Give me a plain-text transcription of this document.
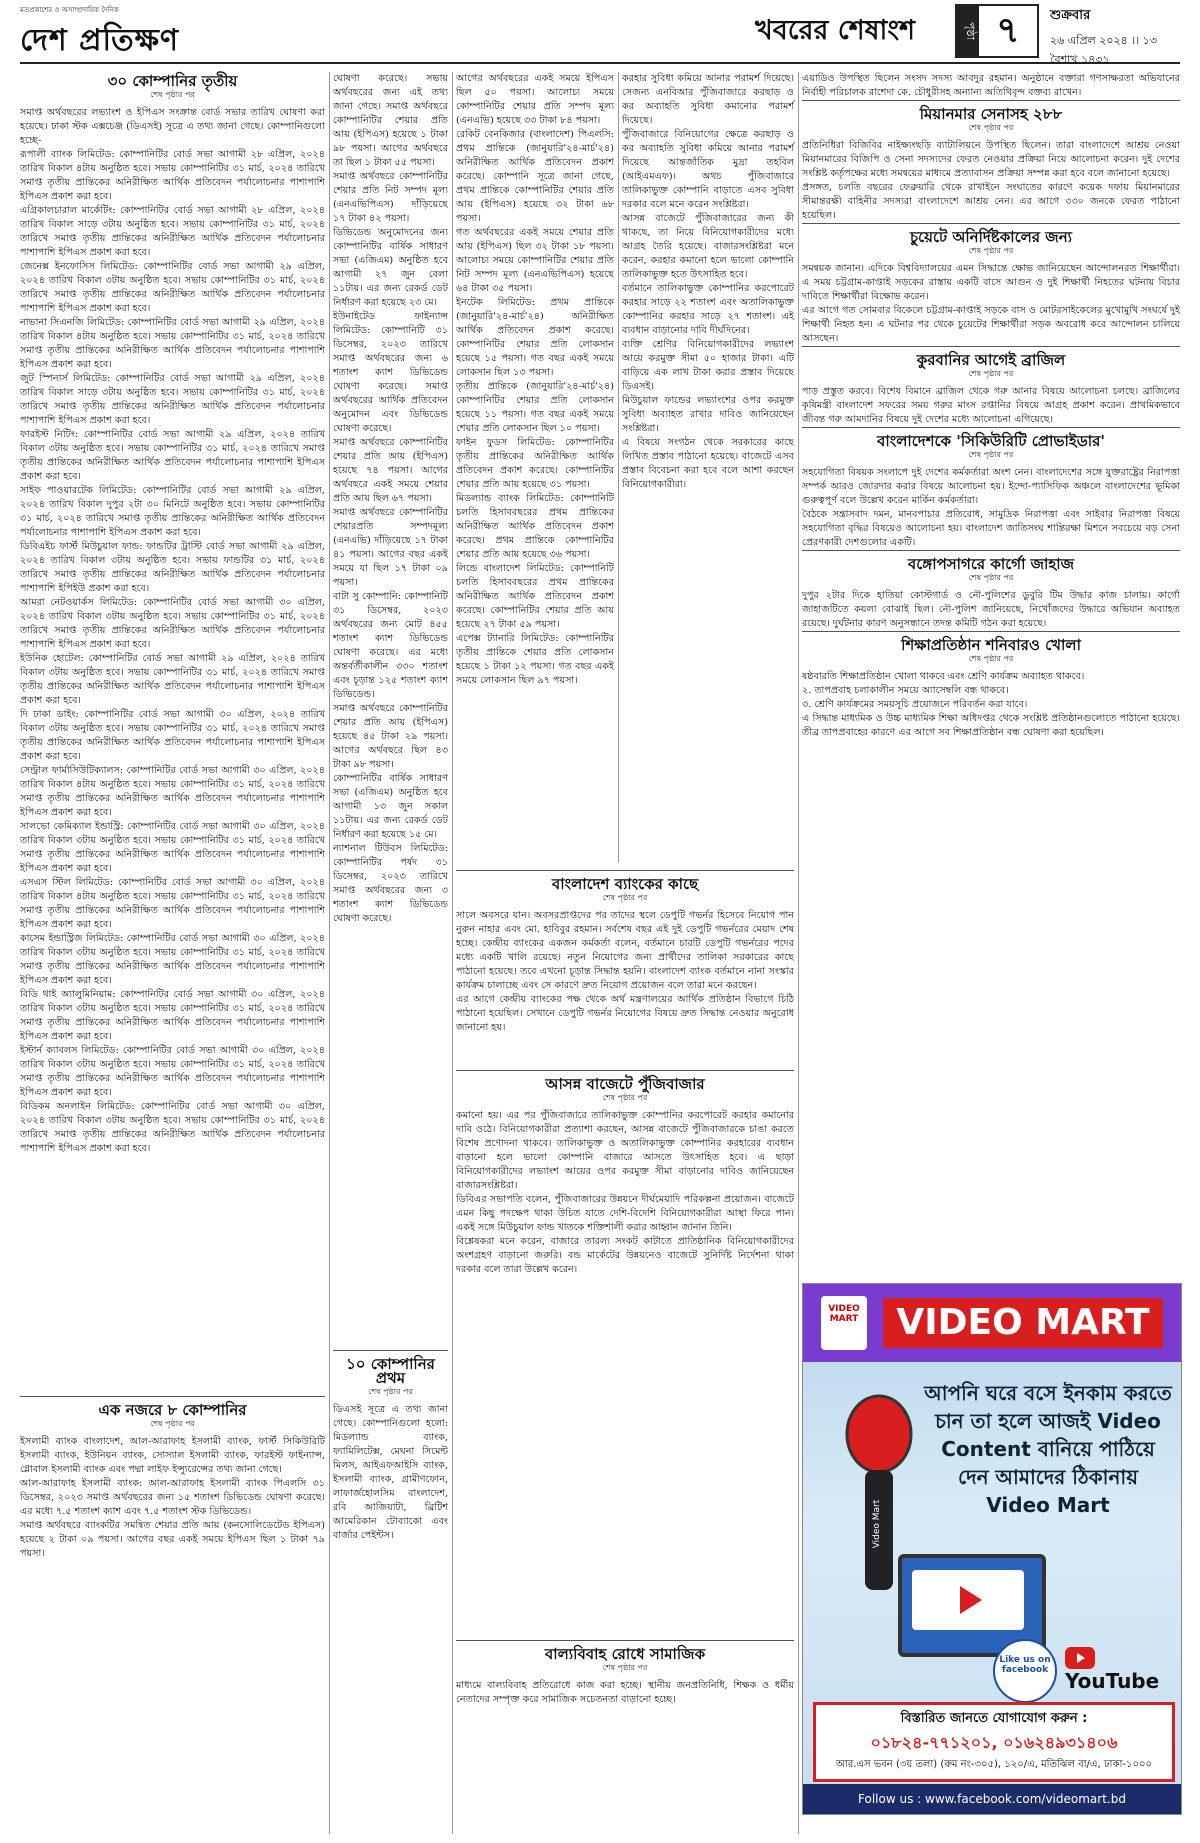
মতপ্রকাশের ও অসাম্প্রদায়িক দৈনিক
দেশ প্রতিক্ষণ	খবরের শেষাংশ	পৃষ্ঠা ৭	শুক্রবার
২৬ এপ্রিল ২০২৪ ।। ১৩ বৈশাখ ১৪৩১
৩০ কোম্পানির তৃতীয়
শেষ পৃষ্ঠার পর
সমাপ্ত অর্থবছরের লভ্যাংশ ও ইপিএস সংক্রান্ত বোর্ড সভার তারিখ ঘোষণা করা হয়েছে। ঢাকা স্টক এক্সচেঞ্জ (ডিএসই) সূত্রে এ তথ্য জানা গেছে। কোম্পানিগুলো হচ্ছে-
রূপালী ব্যাংক লিমিটেড: কোম্পানিটির বোর্ড সভা আগামী ২৮ এপ্রিল, ২০২৪ তারিখ বিকাল ৪টায় অনুষ্ঠিত হবে। সভায় কোম্পানিটির ৩১ মার্চ, ২০২৪ তারিখে সমাপ্ত তৃতীয় প্রান্তিকের অনিরীক্ষিত আর্থিক প্রতিবেদন পর্যালোচনার পাশাপাশি ইপিএস প্রকাশ করা হবে।
এগ্রিকালচারাল মার্কেটিং: কোম্পানিটির বোর্ড সভা আগামী ২৮ এপ্রিল, ২০২৪ তারিখ বিকাল সাড়ে ৩টায় অনুষ্ঠিত হবে। সভায় কোম্পানিটির ৩১ মার্চ, ২০২৪ তারিখে সমাপ্ত তৃতীয় প্রান্তিকের অনিরীক্ষিত আর্থিক প্রতিবেদন পর্যালোচনার পাশাপাশি ইপিএস প্রকাশ করা হবে।
জেনেক্স ইনফোসিস লিমিটেড: কোম্পানিটির বোর্ড সভা আগামী ২৯ এপ্রিল, ২০২৪ তারিখ বিকাল ৩টায় অনুষ্ঠিত হবে। সভায় কোম্পানিটির ৩১ মার্চ, ২০২৪ তারিখে সমাপ্ত তৃতীয় প্রান্তিকের অনিরীক্ষিত আর্থিক প্রতিবেদন পর্যালোচনার পাশাপাশি ইপিএস প্রকাশ করা হবে।
নাভানা সিএনজি লিমিটেড: কোম্পানিটির বোর্ড সভা আগামী ২৯ এপ্রিল, ২০২৪ তারিখ বিকাল ৪টায় অনুষ্ঠিত হবে। সভায় কোম্পানিটির ৩১ মার্চ, ২০২৪ তারিখে সমাপ্ত তৃতীয় প্রান্তিকের অনিরীক্ষিত আর্থিক প্রতিবেদন পর্যালোচনার পাশাপাশি ইপিএস প্রকাশ করা হবে।
জুট স্পিনার্স লিমিটেড: কোম্পানিটির বোর্ড সভা আগামী ২৯ এপ্রিল, ২০২৪ তারিখ বিকাল সাড়ে ৩টায় অনুষ্ঠিত হবে। সভায় কোম্পানিটির ৩১ মার্চ, ২০২৪ তারিখে সমাপ্ত তৃতীয় প্রান্তিকের অনিরীক্ষিত আর্থিক প্রতিবেদন পর্যালোচনার পাশাপাশি ইপিএস প্রকাশ করা হবে।
ফারইস্ট নিটিং: কোম্পানিটির বোর্ড সভা আগামী ২৯ এপ্রিল, ২০২৪ তারিখ বিকাল ৩টায় অনুষ্ঠিত হবে। সভায় কোম্পানিটির ৩১ মার্চ, ২০২৪ তারিখে সমাপ্ত তৃতীয় প্রান্তিকের অনিরীক্ষিত আর্থিক প্রতিবেদন পর্যালোচনার পাশাপাশি ইপিএস প্রকাশ করা হবে।
সাইফ পাওয়ারটেক লিমিটেড: কোম্পানিটির বোর্ড সভা আগামী ২৯ এপ্রিল, ২০২৪ তারিখ বিকাল দুপুর ২টা ৩০ মিনিটে অনুষ্ঠিত হবে। সভায় কোম্পানিটির ৩১ মার্চ, ২০২৪ তারিখে সমাপ্ত তৃতীয় প্রান্তিকের অনিরীক্ষিত আর্থিক প্রতিবেদন পর্যালোচনার পাশাপাশি ইপিএস প্রকাশ করা হবে।
ডিবিএইচ ফার্স্ট মিউচুয়াল ফান্ড: ফান্ডটির ট্রাস্টি বোর্ড সভা আগামী ২৯ এপ্রিল, ২০২৪ তারিখ বিকাল ৩টায় অনুষ্ঠিত হবে। সভায় ফান্ডটির ৩১ মার্চ, ২০২৪ তারিখে সমাপ্ত তৃতীয় প্রান্তিকের অনিরীক্ষিত আর্থিক প্রতিবেদন পর্যালোচনার পাশাপাশি ইপিইউ প্রকাশ করা হবে।
আমরা নেটওয়ার্কস লিমিটেড: কোম্পানিটির বোর্ড সভা আগামী ৩০ এপ্রিল, ২০২৪ তারিখ বিকাল ৩টায় অনুষ্ঠিত হবে। সভায় কোম্পানিটির ৩১ মার্চ, ২০২৪ তারিখে সমাপ্ত তৃতীয় প্রান্তিকের অনিরীক্ষিত আর্থিক প্রতিবেদন পর্যালোচনার পাশাপাশি ইপিএস প্রকাশ করা হবে।
ইউনিক হোটেল: কোম্পানিটির বোর্ড সভা আগামী ২৯ এপ্রিল, ২০২৪ তারিখ বিকাল ৩টায় অনুষ্ঠিত হবে। সভায় কোম্পানিটির ৩১ মার্চ, ২০২৪ তারিখে সমাপ্ত তৃতীয় প্রান্তিকের অনিরীক্ষিত আর্থিক প্রতিবেদন পর্যালোচনার পাশাপাশি ইপিএস প্রকাশ করা হবে।
দি ঢাকা ডাইং: কোম্পানিটির বোর্ড সভা আগামী ৩০ এপ্রিল, ২০২৪ তারিখ বিকাল ৩টায় অনুষ্ঠিত হবে। সভায় কোম্পানিটির ৩১ মার্চ, ২০২৪ তারিখে সমাপ্ত তৃতীয় প্রান্তিকের অনিরীক্ষিত আর্থিক প্রতিবেদন পর্যালোচনার পাশাপাশি ইপিএস প্রকাশ করা হবে।
সেন্ট্রাল ফার্মাসিউটিক্যালস: কোম্পানিটির বোর্ড সভা আগামী ৩০ এপ্রিল, ২০২৪ তারিখ বিকাল ৪টায় অনুষ্ঠিত হবে। সভায় কোম্পানিটির ৩১ মার্চ, ২০২৪ তারিখে সমাপ্ত তৃতীয় প্রান্তিকের অনিরীক্ষিত আর্থিক প্রতিবেদন পর্যালোচনার পাশাপাশি ইপিএস প্রকাশ করা হবে।
সালভো কেমিক্যাল ইন্ডাস্ট্রি: কোম্পানিটির বোর্ড সভা আগামী ৩০ এপ্রিল, ২০২৪ তারিখ বিকাল ৩টায় অনুষ্ঠিত হবে। সভায় কোম্পানিটির ৩১ মার্চ, ২০২৪ তারিখে সমাপ্ত তৃতীয় প্রান্তিকের অনিরীক্ষিত আর্থিক প্রতিবেদন পর্যালোচনার পাশাপাশি ইপিএস প্রকাশ করা হবে।
এসএস স্টিল লিমিটেড: কোম্পানিটির বোর্ড সভা আগামী ৩০ এপ্রিল, ২০২৪ তারিখ বিকাল ৪টায় অনুষ্ঠিত হবে। সভায় কোম্পানিটির ৩১ মার্চ, ২০২৪ তারিখে সমাপ্ত তৃতীয় প্রান্তিকের অনিরীক্ষিত আর্থিক প্রতিবেদন পর্যালোচনার পাশাপাশি ইপিএস প্রকাশ করা হবে।
কাসেম ইন্ডাস্ট্রিজ লিমিটেড: কোম্পানিটির বোর্ড সভা আগামী ৩০ এপ্রিল, ২০২৪ তারিখ বিকাল ৩টায় অনুষ্ঠিত হবে। সভায় কোম্পানিটির ৩১ মার্চ, ২০২৪ তারিখে সমাপ্ত তৃতীয় প্রান্তিকের অনিরীক্ষিত আর্থিক প্রতিবেদন পর্যালোচনার পাশাপাশি ইপিএস প্রকাশ করা হবে।
বিডি থাই অ্যালুমিনিয়াম: কোম্পানিটির বোর্ড সভা আগামী ৩০ এপ্রিল, ২০২৪ তারিখ বিকাল ৩টায় অনুষ্ঠিত হবে। সভায় কোম্পানিটির ৩১ মার্চ, ২০২৪ তারিখে সমাপ্ত তৃতীয় প্রান্তিকের অনিরীক্ষিত আর্থিক প্রতিবেদন পর্যালোচনার পাশাপাশি ইপিএস প্রকাশ করা হবে।
ইস্টার্ন ক্যাবলস লিমিটেড: কোম্পানিটির বোর্ড সভা আগামী ৩০ এপ্রিল, ২০২৪ তারিখ বিকাল ৩টায় অনুষ্ঠিত হবে। সভায় কোম্পানিটির ৩১ মার্চ, ২০২৪ তারিখে সমাপ্ত তৃতীয় প্রান্তিকের অনিরীক্ষিত আর্থিক প্রতিবেদন পর্যালোচনার পাশাপাশি ইপিএস প্রকাশ করা হবে।
বিডিকম অনলাইন লিমিটেড: কোম্পানিটির বোর্ড সভা আগামী ৩০ এপ্রিল, ২০২৪ তারিখ বিকাল ৩টায় অনুষ্ঠিত হবে। সভায় কোম্পানিটির ৩১ মার্চ, ২০২৪ তারিখে সমাপ্ত তৃতীয় প্রান্তিকের অনিরীক্ষিত আর্থিক প্রতিবেদন পর্যালোচনার পাশাপাশি ইপিএস প্রকাশ করা হবে।
এক নজরে ৮ কোম্পানির
শেষ পৃষ্ঠার পর
ইসলামী ব্যাংক বাংলাদেশ, আল-আরাফাহ ইসলামী ব্যাংক, ফার্স্ট সিকিউরিটি ইসলামী ব্যাংক, ইউনিয়ন ব্যাংক, সোস্যাল ইসলামী ব্যাংক, ফারইস্ট ফাইন্যান্স, গ্লোবাল ইসলামী ব্যাংক এবং পদ্মা লাইফ ইন্স্যুরেন্সের তথ্য জানা গেছে।
আল-আরাফাহ ইসলামী ব্যাংক: আল-আরাফাহ ইসলামী ব্যাংক পিএলসি ৩১ ডিসেম্বর, ২০২৩ সমাপ্ত অর্থবছরের জন্য ১৫ শতাংশ ডিভিডেন্ড ঘোষণা করেছে। এর মধ্যে ৭.৫ শতাংশ ক্যাশ এবং ৭.৫ শতাংশ স্টক ডিভিডেন্ড।
সমাপ্ত অর্থবছরে ব্যাংকটির সমন্বিত শেয়ার প্রতি আয় (কনসোলিডেটেড ইপিএস) হয়েছে ২ টাকা ০৯ পয়সা। আগের বছর একই সময়ে ইপিএস ছিল ১ টাকা ৭৯ পয়সা।
ঘোষণা করেছে। সভায় অর্থবছরের জন্য এই তথ্য জানা গেছে। সমাপ্ত অর্থবছরে কোম্পানিটির শেয়ার প্রতি আয় (ইপিএস) হয়েছে ১ টাকা ৯৮ পয়সা। আগের অর্থবছরে তা ছিল ১ টাকা ৫৫ পয়সা।
সমাপ্ত অর্থবছরে কোম্পানিটির শেয়ার প্রতি নিট সম্পদ মূল্য (এনএভিপিএস) দাঁড়িয়েছে ১৭ টাকা ৪২ পয়সা।
ডিভিডেন্ড অনুমোদনের জন্য কোম্পানিটির বার্ষিক সাধারণ সভা (এজিএম) অনুষ্ঠিত হবে আগামী ২৭ জুন বেলা ১১টায়। এর জন্য রেকর্ড ডেট নির্ধারণ করা হয়েছে ২৩ মে।
ইউনাইটেড ফাইন্যান্স লিমিটেড: কোম্পানিটি ৩১ ডিসেম্বর, ২০২৩ তারিখে সমাপ্ত অর্থবছরের জন্য ৬ শতাংশ ক্যাশ ডিভিডেন্ড ঘোষণা করেছে। সমাপ্ত অর্থবছরের আর্থিক প্রতিবেদন অনুমোদন এবং ডিভিডেন্ড ঘোষণা করেছে।
সমাপ্ত অর্থবছরে কোম্পানিটির শেয়ার প্রতি আয় (ইপিএস) হয়েছে ৭৪ পয়সা। আগের অর্থবছরে একই সময়ে শেয়ার প্রতি আয় ছিল ৬৭ পয়সা।
সমাপ্ত অর্থবছরে কোম্পানিটির শেয়ারপ্রতি সম্পদমূল্য (এনএভি) দাঁড়িয়েছে ১৭ টাকা ৪১ পয়সা। আগের বছর একই সময়ে যা ছিল ১৭ টাকা ০৯ পয়সা।
বাটা সু কোম্পানি: কোম্পানিটি ৩১ ডিসেম্বর, ২০২৩ অর্থবছরের জন্য মোট ৪৫৫ শতাংশ ক্যাশ ডিভিডেন্ড ঘোষণা করেছে। এর মধ্যে অন্তর্বর্তীকালীন ৩৩০ শতাংশ এবং চূড়ান্ত ১২৫ শতাংশ ক্যাশ ডিভিডেন্ড।
সমাপ্ত অর্থবছরে কোম্পানিটির শেয়ার প্রতি আয় (ইপিএস) হয়েছে ৪৫ টাকা ২৯ পয়সা। আগের অর্থবছরে ছিল ৪৩ টাকা ৯৮ পয়সা।
কোম্পানিটির বার্ষিক সাধারণ সভা (এজিএম) অনুষ্ঠিত হবে আগামী ১৩ জুন সকাল ১১টায়। এর জন্য রেকর্ড ডেট নির্ধারণ করা হয়েছে ১৫ মে।
ন্যাশনাল টিউবস লিমিটেড: কোম্পানিটির পর্ষদ ৩১ ডিসেম্বর, ২০২৩ তারিখে সমাপ্ত অর্থবছরের জন্য ৩ শতাংশ ক্যাশ ডিভিডেন্ড ঘোষণা করেছে।
১০ কোম্পানির প্রথম
শেষ পৃষ্ঠার পর
ডিএসই সূত্রে এ তথ্য জানা গেছে। কোম্পানিগুলো হলো: মিডল্যান্ড ব্যাংক, ফ্যামিলিটেক্স, মেঘনা সিমেন্ট মিলস, আইএফআইসি ব্যাংক, ইসলামী ব্যাংক, গ্রামীণফোন, লাফার্জহোলসিম বাংলাদেশ, রবি আজিয়াটা, ব্রিটিশ আমেরিকান টোব্যাকো এবং বার্জার পেইন্টস।
আগের অর্থবছরের একই সময়ে ইপিএস ছিল ৫০ পয়সা। আলোচ্য সময়ে কোম্পানিটির শেয়ার প্রতি সম্পদ মূল্য (এনএভি) হয়েছে ৩৩ টাকা ৮৪ পয়সা।
রেকিট বেনকিজার (বাংলাদেশ) পিএলসি: প্রথম প্রান্তিকে (জানুয়ারি'২৪-মার্চ'২৪) অনিরীক্ষিত আর্থিক প্রতিবেদন প্রকাশ করেছে। কোম্পানি সূত্রে জানা গেছে, প্রথম প্রান্তিকে কোম্পানিটির শেয়ার প্রতি আয় (ইপিএস) হয়েছে ৩২ টাকা ৬৮ পয়সা।
গত অর্থবছরের একই সময়ে শেয়ার প্রতি আয় (ইপিএস) ছিল ৩২ টাকা ১৮ পয়সা। আলোচ্য সময়ে কোম্পানিটির শেয়ার প্রতি নিট সম্পদ মূল্য (এনএভিপিএস) হয়েছে ৬৪ টাকা ৩৫ পয়সা।
ইনটেক লিমিটেড: প্রথম প্রান্তিকে (জানুয়ারি'২৪-মার্চ'২৪) অনিরীক্ষিত আর্থিক প্রতিবেদন প্রকাশ করেছে। কোম্পানিটির শেয়ার প্রতি লোকসান হয়েছে ১৫ পয়সা। গত বছর একই সময়ে লোকসান ছিল ১৩ পয়সা।
তৃতীয় প্রান্তিকে (জানুয়ারি'২৪-মার্চ'২৪) কোম্পানিটির শেয়ার প্রতি লোকসান হয়েছে ১১ পয়সা। গত বছর একই সময়ে শেয়ার প্রতি লোকসান ছিল ১০ পয়সা।
ফাইন ফুডস লিমিটেড: কোম্পানিটির তৃতীয় প্রান্তিকের অনিরীক্ষিত আর্থিক প্রতিবেদন প্রকাশ করেছে। কোম্পানিটির শেয়ার প্রতি আয় হয়েছে ৩১ পয়সা।
মিডল্যান্ড ব্যাংক লিমিটেড: কোম্পানিটি চলতি হিসাববছরের প্রথম প্রান্তিকের অনিরীক্ষিত আর্থিক প্রতিবেদন প্রকাশ করেছে। প্রথম প্রান্তিকে কোম্পানিটির শেয়ার প্রতি আয় হয়েছে ৩৬ পয়সা।
লিন্ডে বাংলাদেশ লিমিটেড: কোম্পানিটি চলতি হিসাববছরের প্রথম প্রান্তিকের অনিরীক্ষিত আর্থিক প্রতিবেদন প্রকাশ করেছে। কোম্পানিটির শেয়ার প্রতি আয় হয়েছে ২৭ টাকা ৫৯ পয়সা।
এপেক্স ট্যানারি লিমিটেড: কোম্পানিটির তৃতীয় প্রান্তিকে শেয়ার প্রতি লোকসান হয়েছে ১ টাকা ১২ পয়সা। গত বছর একই সময়ে লোকসান ছিল ৯৭ পয়সা।
করহার সুবিধা কমিয়ে আনার পরামর্শ দিয়েছে। সেজন্য এনবিআর পুঁজিবাজারে করছাড় ও কর অব্যাহতি সুবিধা কমানোর পরামর্শ দিয়েছে।
পুঁজিবাজারে বিনিয়োগের ক্ষেত্রে করছাড় ও কর অব্যাহতি সুবিধা কমিয়ে আনার পরামর্শ দিয়েছে আন্তর্জাতিক মুদ্রা তহবিল (আইএমএফ)। অথচ পুঁজিবাজারে তালিকাভুক্ত কোম্পানি বাড়াতে এসব সুবিধা দরকার বলে মনে করেন সংশ্লিষ্টরা।
আসন্ন বাজেটে পুঁজিবাজারের জন্য কী থাকছে, তা নিয়ে বিনিয়োগকারীদের মধ্যে আগ্রহ তৈরি হয়েছে। বাজারসংশ্লিষ্টরা মনে করেন, করহার কমানো হলে ভালো কোম্পানি তালিকাভুক্ত হতে উৎসাহিত হবে।
বর্তমানে তালিকাভুক্ত কোম্পানির করপোরেট করহার সাড়ে ২২ শতাংশ এবং অতালিকাভুক্ত কোম্পানির করহার সাড়ে ২৭ শতাংশ। এই ব্যবধান বাড়ানোর দাবি দীর্ঘদিনের।
ব্যক্তি শ্রেণির বিনিয়োগকারীদের লভ্যাংশ আয়ে করমুক্ত সীমা ৫০ হাজার টাকা। এটি বাড়িয়ে এক লাখ টাকা করার প্রস্তাব দিয়েছে ডিএসই।
মিউচুয়াল ফান্ডের লভ্যাংশের ওপর করমুক্ত সুবিধা অব্যাহত রাখার দাবিও জানিয়েছেন সংশ্লিষ্টরা।
এ বিষয়ে সংগঠন থেকে সরকারের কাছে লিখিত প্রস্তাব পাঠানো হয়েছে। বাজেটে এসব প্রস্তাব বিবেচনা করা হবে বলে আশা করছেন বিনিয়োগকারীরা।
বাংলাদেশ ব্যাংকের কাছে
শেষ পৃষ্ঠার পর
সালে অবসরে যান। অবসরপ্রাপ্তদের পর তাদের স্থলে ডেপুটি গভর্নর হিসেবে নিয়োগ পান নুরুন নাহার এবং মো. হাবিবুর রহমান। সর্বশেষ বছর এই দুই ডেপুটি গভর্নরের মেয়াদ শেষ হচ্ছে। কেন্দ্রীয় ব্যাংকের একজন কর্মকর্তা বলেন, বর্তমানে চারটি ডেপুটি গভর্নরের পদের মধ্যে একটি খালি রয়েছে। নতুন নিয়োগের জন্য প্রার্থীদের তালিকা সরকারের কাছে পাঠানো হয়েছে। তবে এখনো চূড়ান্ত সিদ্ধান্ত হয়নি। বাংলাদেশ ব্যাংক বর্তমানে নানা সংস্কার কার্যক্রম চালাচ্ছে এবং সে কারণে দ্রুত নিয়োগ প্রয়োজন বলে তারা মনে করছেন।
এর আগে কেন্দ্রীয় ব্যাংকের পক্ষ থেকে অর্থ মন্ত্রণালয়ের আর্থিক প্রতিষ্ঠান বিভাগে চিঠি পাঠানো হয়েছিল। সেখানে ডেপুটি গভর্নর নিয়োগের বিষয়ে দ্রুত সিদ্ধান্ত নেওয়ার অনুরোধ জানানো হয়।
আসন্ন বাজেটে পুঁজিবাজার
শেষ পৃষ্ঠার পর
কমানো হয়। এর পর পুঁজিবাজারে তালিকাভুক্ত কোম্পানির করপোরেট করহার কমানোর দাবি ওঠে। বিনিয়োগকারীরা প্রত্যাশা করছেন, আসন্ন বাজেটে পুঁজিবাজারকে চাঙা করতে বিশেষ প্রণোদনা থাকবে। তালিকাভুক্ত ও অতালিকাভুক্ত কোম্পানির করহারের ব্যবধান বাড়ানো হলে ভালো কোম্পানি বাজারে আসতে উৎসাহিত হবে। এ ছাড়া বিনিয়োগকারীদের লভ্যাংশ আয়ের ওপর করমুক্ত সীমা বাড়ানোর দাবিও জানিয়েছেন বাজারসংশ্লিষ্টরা।
ডিবিএর সভাপতি বলেন, পুঁজিবাজারের উন্নয়নে দীর্ঘমেয়াদি পরিকল্পনা প্রয়োজন। বাজেটে এমন কিছু পদক্ষেপ থাকা উচিত যাতে দেশি-বিদেশি বিনিয়োগকারীরা আস্থা ফিরে পান। একই সঙ্গে মিউচুয়াল ফান্ড খাতকে শক্তিশালী করার আহ্বান জানান তিনি।
বিশ্লেষকরা মনে করেন, বাজারে তারল্য সংকট কাটাতে প্রাতিষ্ঠানিক বিনিয়োগকারীদের অংশগ্রহণ বাড়ানো জরুরি। বন্ড মার্কেটের উন্নয়নেও বাজেটে সুনির্দিষ্ট নির্দেশনা থাকা দরকার বলে তারা উল্লেখ করেন।
বাল্যবিবাহ রোধে সামাজিক
শেষ পৃষ্ঠার পর
মাধ্যমে বাল্যবিবাহ প্রতিরোধে কাজ করা হচ্ছে। স্থানীয় জনপ্রতিনিধি, শিক্ষক ও ধর্মীয় নেতাদের সম্পৃক্ত করে সামাজিক সচেতনতা বাড়ানো হচ্ছে।
এয়াডিও উপস্থিত ছিলেন সংসদ সদস্য আবদুর রহমান। অনুষ্ঠানে বক্তারা গণসাক্ষরতা অভিযানের নির্বাহী পরিচালক রাশেদা কে. চৌধুরীসহ অন্যান্য অতিথিবৃন্দ বক্তব্য রাখেন।
মিয়ানমার সেনাসহ ২৮৮
শেষ পৃষ্ঠার পর
প্রতিনিধিরা বিজিবির নাইক্ষ্যংছড়ি ব্যাটালিয়নে উপস্থিত ছিলেন। তারা বাংলাদেশে আশ্রয় নেওয়া মিয়ানমারের বিজিপি ও সেনা সদস্যদের ফেরত নেওয়ার প্রক্রিয়া নিয়ে আলোচনা করেন। দুই দেশের সংশ্লিষ্ট কর্তৃপক্ষের মধ্যে সমন্বয়ের মাধ্যমে প্রত্যাবাসন প্রক্রিয়া সম্পন্ন করা হবে বলে জানানো হয়েছে।
প্রসঙ্গত, চলতি বছরের ফেব্রুয়ারি থেকে রাখাইনে সংঘাতের কারণে কয়েক দফায় মিয়ানমারের সীমান্তরক্ষী বাহিনীর সদস্যরা বাংলাদেশে আশ্রয় নেন। এর আগে ৩৩০ জনকে ফেরত পাঠানো হয়েছিল।
চুয়েটে অনির্দিষ্টকালের জন্য
শেষ পৃষ্ঠার পর
সমন্বয়ক জানান। এদিকে বিশ্ববিদ্যালয়ের এমন সিদ্ধান্তে ক্ষোভ জানিয়েছেন আন্দোলনরত শিক্ষার্থীরা। এ সময় চট্টগ্রাম-কাপ্তাই সড়কের রাস্তায় একটি বাসে আগুন ও দুই শিক্ষার্থী নিহতের ঘটনায় বিচার দাবিতে শিক্ষার্থীরা বিক্ষোভ করেন।
এর আগে গত সোমবার বিকেলে চট্টগ্রাম-কাপ্তাই সড়কে বাস ও মোটরসাইকেলের মুখোমুখি সংঘর্ষে দুই শিক্ষার্থী নিহত হন। এ ঘটনার পর থেকে চুয়েটের শিক্ষার্থীরা সড়ক অবরোধ করে আন্দোলন চালিয়ে আসছেন।
কুরবানির আগেই ব্রাজিল
শেষ পৃষ্ঠার পর
পাড় প্রস্তুত করবে। বিশেষ বিমানে ব্রাজিল থেকে গরু আনার বিষয়ে আলোচনা চলছে। ব্রাজিলের কৃষিমন্ত্রী বাংলাদেশ সফরের সময় গরুর মাংস রপ্তানির বিষয়ে আগ্রহ প্রকাশ করেন। প্রাথমিকভাবে জীবন্ত গরু আমদানির বিষয়ে দুই দেশের মধ্যে আলোচনা এগিয়েছে।
বাংলাদেশকে 'সিকিউরিটি প্রোভাইডার'
শেষ পৃষ্ঠার পর
সহযোগিতা বিষয়ক সংলাপে দুই দেশের কর্মকর্তারা অংশ নেন। বাংলাদেশের সঙ্গে যুক্তরাষ্ট্রের নিরাপত্তা সম্পর্ক আরও জোরদার করার বিষয়ে আলোচনা হয়। ইন্দো-প্যাসিফিক অঞ্চলে বাংলাদেশের ভূমিকা গুরুত্বপূর্ণ বলে উল্লেখ করেন মার্কিন কর্মকর্তারা।
বৈঠকে সন্ত্রাসবাদ দমন, মানবপাচার প্রতিরোধ, সামুদ্রিক নিরাপত্তা এবং সাইবার নিরাপত্তা বিষয়ে সহযোগিতা বৃদ্ধির বিষয়েও আলোচনা হয়। বাংলাদেশ জাতিসংঘ শান্তিরক্ষা মিশনে সবচেয়ে বড় সেনা প্রেরণকারী দেশগুলোর একটি।
বঙ্গোপসাগরে কার্গো জাহাজ
শেষ পৃষ্ঠার পর
দুপুর ২টার দিকে হাতিয়া কোস্টগার্ড ও নৌ-পুলিশের ডুবুরি টিম উদ্ধার কাজ চালায়। কার্গো জাহাজটিতে কয়লা বোঝাই ছিল। নৌ-পুলিশ জানিয়েছে, নিখোঁজদের উদ্ধারে অভিযান অব্যাহত রয়েছে। দুর্ঘটনার কারণ অনুসন্ধানে তদন্ত কমিটি গঠন করা হয়েছে।
শিক্ষাপ্রতিষ্ঠান শনিবারও খোলা
শেষ পৃষ্ঠার পর
ষষ্ঠবারতি শিক্ষাপ্রতিষ্ঠান খোলা থাকবে এবং শ্রেণি কার্যক্রম অব্যাহত থাকবে।
২. তাপপ্রবাহ চলাকালীন সময়ে অ্যাসেম্বলি বন্ধ থাকবে।
৩. শ্রেণি কার্যক্রমের সময়সূচি প্রয়োজনে পরিবর্তন করা যাবে।
এ সিদ্ধান্ত মাধ্যমিক ও উচ্চ মাধ্যমিক শিক্ষা অধিদপ্তর থেকে সংশ্লিষ্ট প্রতিষ্ঠানগুলোতে পাঠানো হয়েছে। তীব্র তাপপ্রবাহের কারণে এর আগে সব শিক্ষাপ্রতিষ্ঠান বন্ধ ঘোষণা করা হয়েছিল।
VIDEO MART	VIDEO MART
Video Mart
আপনি ঘরে বসে ইনকাম করতে চান তা হলে আজই Video Content বানিয়ে পাঠিয়ে দেন আমাদের ঠিকানায় Video Mart
Like us on facebook YouTube
বিস্তারিত জানতে যোগাযোগ করুন :
০১৮২৪-৭৭১২০১, ০১৬২৪৯৩১৪০৬
আর.এস ভবন (৩য় তলা) (রুম নং-৩০৫), ১২০/এ, মতিঝিল বা/এ, ঢাকা-১০০০
Follow us : www.facebook.com/videomart.bd
